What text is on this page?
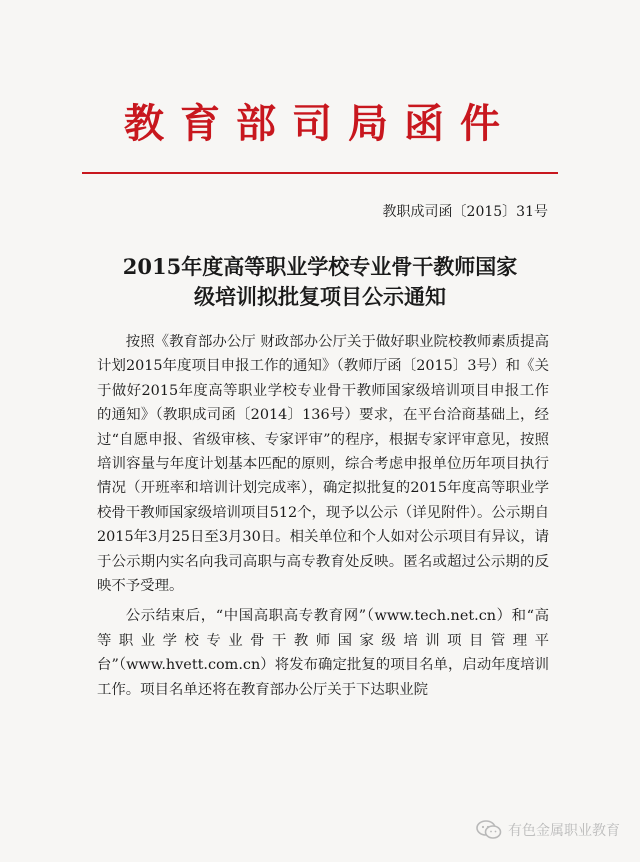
教育部司局函件
教职成司函〔2015〕31号
2015年度高等职业学校专业骨干教师国家
级培训拟批复项目公示通知

按照《教育部办公厅 财政部办公厅关于做好职业院校教师素质提高计划2015年度项目申报工作的通知》（教师厅函〔2015〕3号）和《关于做好2015年度高等职业学校专业骨干教师国家级培训项目申报工作的通知》（教职成司函〔2014〕136号）要求，在平台洽商基础上，经过“自愿申报、省级审核、专家评审”的程序，根据专家评审意见，按照培训容量与年度计划基本匹配的原则，综合考虑申报单位历年项目执行情况（开班率和培训计划完成率），确定拟批复的2015年度高等职业学校骨干教师国家级培训项目512个，现予以公示（详见附件）。公示期自2015年3月25日至3月30日。相关单位和个人如对公示项目有异议，请于公示期内实名向我司高职与高专教育处反映。匿名或超过公示期的反映不予受理。

公示结束后，“中国高职高专教育网”（www.tech.net.cn）和“高等职业学校专业骨干教师国家级培训项目管理平台”（www.hvett.com.cn）将发布确定批复的项目名单，启动年度培训工作。项目名单还将在教育部办公厅关于下达职业院

有色金属职业教育
